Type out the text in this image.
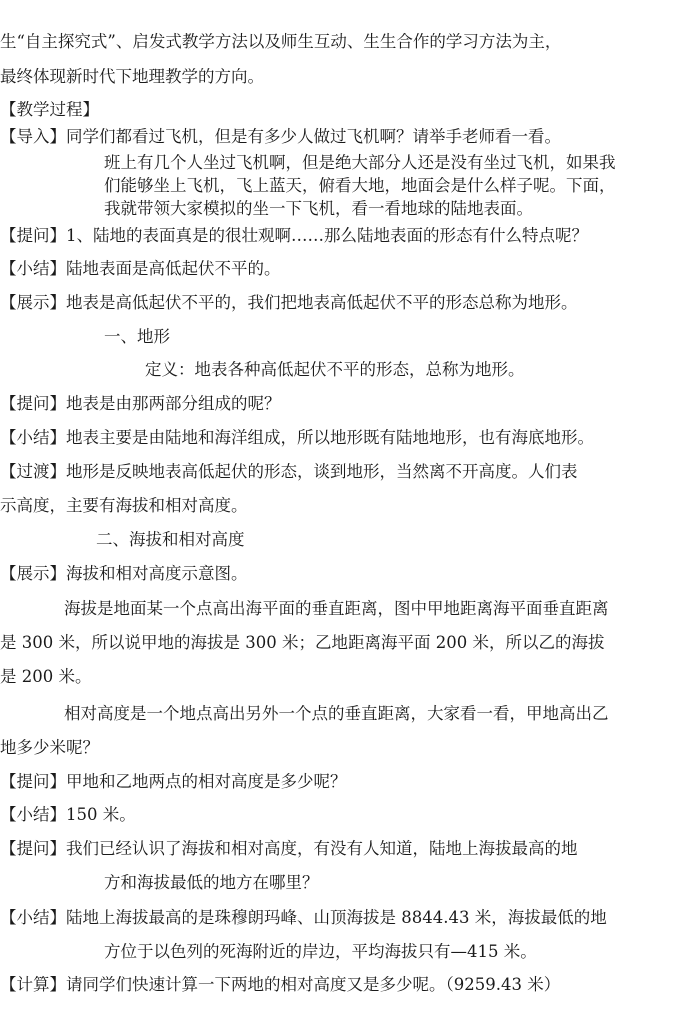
生“自主探究式”、启发式教学方法以及师生互动、生生合作的学习方法为主，
最终体现新时代下地理教学的方向。
【教学过程】
【导入】同学们都看过飞机，但是有多少人做过飞机啊？请举手老师看一看。
班上有几个人坐过飞机啊，但是绝大部分人还是没有坐过飞机，如果我
们能够坐上飞机，飞上蓝天，俯看大地，地面会是什么样子呢。下面，
我就带领大家模拟的坐一下飞机，看一看地球的陆地表面。
【提问】1、陆地的表面真是的很壮观啊……那么陆地表面的形态有什么特点呢？
【小结】陆地表面是高低起伏不平的。
【展示】地表是高低起伏不平的，我们把地表高低起伏不平的形态总称为地形。
一、地形
定义：地表各种高低起伏不平的形态，总称为地形。
【提问】地表是由那两部分组成的呢？
【小结】地表主要是由陆地和海洋组成，所以地形既有陆地地形，也有海底地形。
【过渡】地形是反映地表高低起伏的形态，谈到地形，当然离不开高度。人们表
示高度，主要有海拔和相对高度。
二、海拔和相对高度
【展示】海拔和相对高度示意图。
海拔是地面某一个点高出海平面的垂直距离，图中甲地距离海平面垂直距离
是 300 米，所以说甲地的海拔是 300 米；乙地距离海平面 200 米，所以乙的海拔
是 200 米。
相对高度是一个地点高出另外一个点的垂直距离，大家看一看，甲地高出乙
地多少米呢？
【提问】甲地和乙地两点的相对高度是多少呢？
【小结】150 米。
【提问】我们已经认识了海拔和相对高度，有没有人知道，陆地上海拔最高的地
方和海拔最低的地方在哪里？
【小结】陆地上海拔最高的是珠穆朗玛峰、山顶海拔是 8844.43 米，海拔最低的地
方位于以色列的死海附近的岸边，平均海拔只有—415 米。
【计算】请同学们快速计算一下两地的相对高度又是多少呢。（9259.43 米）
